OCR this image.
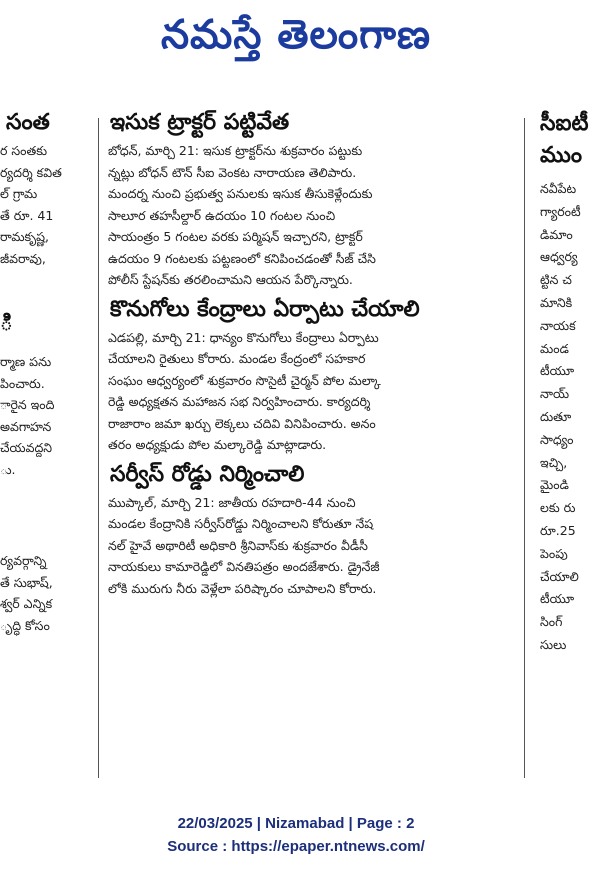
నమస్తే తెలంగాణ
సంత
ర సంతకు
ర్యదర్శి కవిత
ల్ గ్రామ
తే రూ. 41
రామకృష్ణ,
జీవరావు,
ి
ర్మాణ పను
పించారు.
ారైన ఇంది
అవగాహన
చేయవద్దని
ు.
ర్యవర్గాన్ని
తే సుభాష్,
శ్వర్ ఎన్నిక
ృద్ధి కోసం
ఇసుక ట్రాక్టర్ పట్టివేత
బోధన్, మార్చి 21: ఇసుక ట్రాక్టర్‌ను శుక్రవారం పట్టుకు
న్నట్లు బోధన్ టౌన్ సీఐ వెంకట నారాయణ తెలిపారు.
మందర్న నుంచి ప్రభుత్వ పనులకు ఇసుక తీసుకెళ్లేందుకు
సాలూర తహసీల్దార్ ఉదయం 10 గంటల నుంచి
సాయంత్రం 5 గంటల వరకు పర్మిషన్ ఇచ్చారని, ట్రాక్టర్
ఉదయం 9 గంటలకు పట్టణంలో కనిపించడంతో సీజ్ చేసి
పోలీస్ స్టేషన్‌కు తరలించామని ఆయన పేర్కొన్నారు.
కొనుగోలు కేంద్రాలు ఏర్పాటు చేయాలి
ఎడపల్లి, మార్చి 21: ధాన్యం కొనుగోలు కేంద్రాలు ఏర్పాటు
చేయాలని రైతులు కోరారు. మండల కేంద్రంలో సహకార
సంఘం ఆధ్వర్యంలో శుక్రవారం సొసైటీ చైర్మన్ పోల మల్కా
రెడ్డి అధ్యక్షతన మహాజన సభ నిర్వహించారు. కార్యదర్శి
రాజారాం జమా ఖర్చు లెక్కలు చదివి వినిపించారు. అనం
తరం అధ్యక్షుడు పోల మల్కారెడ్డి మాట్లాడారు.
సర్వీస్ రోడ్డు నిర్మించాలి
ముప్కాల్, మార్చి 21: జాతీయ రహదారి-44 నుంచి
మండల కేంద్రానికి సర్వీస్‌రోడ్డు నిర్మించాలని కోరుతూ నేష
నల్ హైవే అథారిటీ అధికారి శ్రీనివాస్‌కు శుక్రవారం వీడీసీ
నాయకులు కామారెడ్డిలో వినతిపత్రం అందజేశారు. డ్రైనేజీ
లోకి మురుగు నీరు వెళ్లేలా పరిష్కారం చూపాలని కోరారు.
సీఐటీ
ముం
నవీపేట
గ్యారంటీ
డిమాం
ఆధ్వర్య
ట్టిన చ
మానికి
నాయక
మండ
టీయూ
నాయ్
దుతూ
సాధ్యం
ఇచ్చి,
మైండి
లకు రు
రూ.25
పెంపు
చేయాలి
టీయూ
సింగ్
సులు
22/03/2025 | Nizamabad | Page : 2
Source : https://epaper.ntnews.com/
